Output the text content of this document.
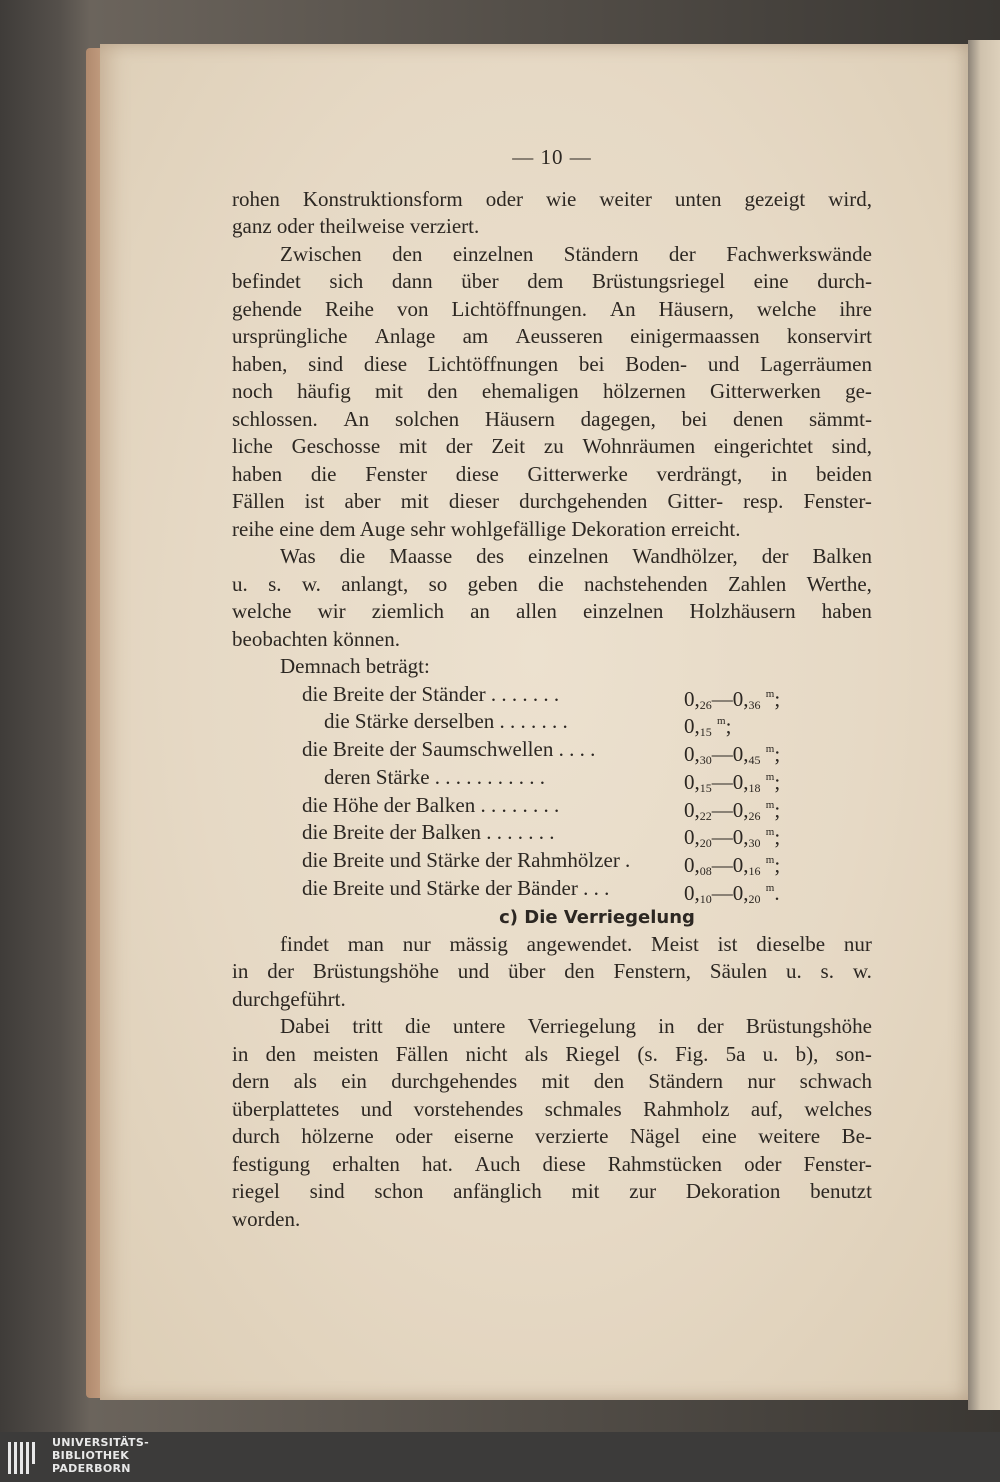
— 10 —
rohen Konstruktionsform oder wie weiter unten gezeigt wird,
ganz oder theilweise verziert.
Zwischen den einzelnen Ständern der Fachwerkswände
befindet sich dann über dem Brüstungsriegel eine durch-
gehende Reihe von Lichtöffnungen. An Häusern, welche ihre
ursprüngliche Anlage am Aeusseren einigermaassen konservirt
haben, sind diese Lichtöffnungen bei Boden- und Lagerräumen
noch häufig mit den ehemaligen hölzernen Gitterwerken ge-
schlossen. An solchen Häusern dagegen, bei denen sämmt-
liche Geschosse mit der Zeit zu Wohnräumen eingerichtet sind,
haben die Fenster diese Gitterwerke verdrängt, in beiden
Fällen ist aber mit dieser durchgehenden Gitter- resp. Fenster-
reihe eine dem Auge sehr wohlgefällige Dekoration erreicht.
Was die Maasse des einzelnen Wandhölzer, der Balken
u. s. w. anlangt, so geben die nachstehenden Zahlen Werthe,
welche wir ziemlich an allen einzelnen Holzhäusern haben
beobachten können.
Demnach beträgt:
die Breite der Ständer . . . . . . .	$0,_{26}—0,_{36}$ $^m$;
die Stärke derselben . . . . . . .	$0,_{15}$ $^m$;
die Breite der Saumschwellen . . . .	$0,_{30}—0,_{45}$ $^m$;
deren Stärke . . . . . . . . . . .	$0,_{15}—0,_{18}$ $^m$;
die Höhe der Balken . . . . . . . .	$0,_{22}—0,_{26}$ $^m$;
die Breite der Balken . . . . . . .	$0,_{20}—0,_{30}$ $^m$;
die Breite und Stärke der Rahmhölzer .	$0,_{08}—0,_{16}$ $^m$;
die Breite und Stärke der Bänder . . .	$0,_{10}—0,_{20}$ $^m$.
c) Die Verriegelung
findet man nur mässig angewendet. Meist ist dieselbe nur
in der Brüstungshöhe und über den Fenstern, Säulen u. s. w.
durchgeführt.
Dabei tritt die untere Verriegelung in der Brüstungshöhe
in den meisten Fällen nicht als Riegel (s. Fig. 5a u. b), son-
dern als ein durchgehendes mit den Ständern nur schwach
überplattetes und vorstehendes schmales Rahmholz auf, welches
durch hölzerne oder eiserne verzierte Nägel eine weitere Be-
festigung erhalten hat. Auch diese Rahmstücken oder Fenster-
riegel sind schon anfänglich mit zur Dekoration benutzt
worden.
UNIVERSITÄTS-
BIBLIOTHEK
PADERBORN
